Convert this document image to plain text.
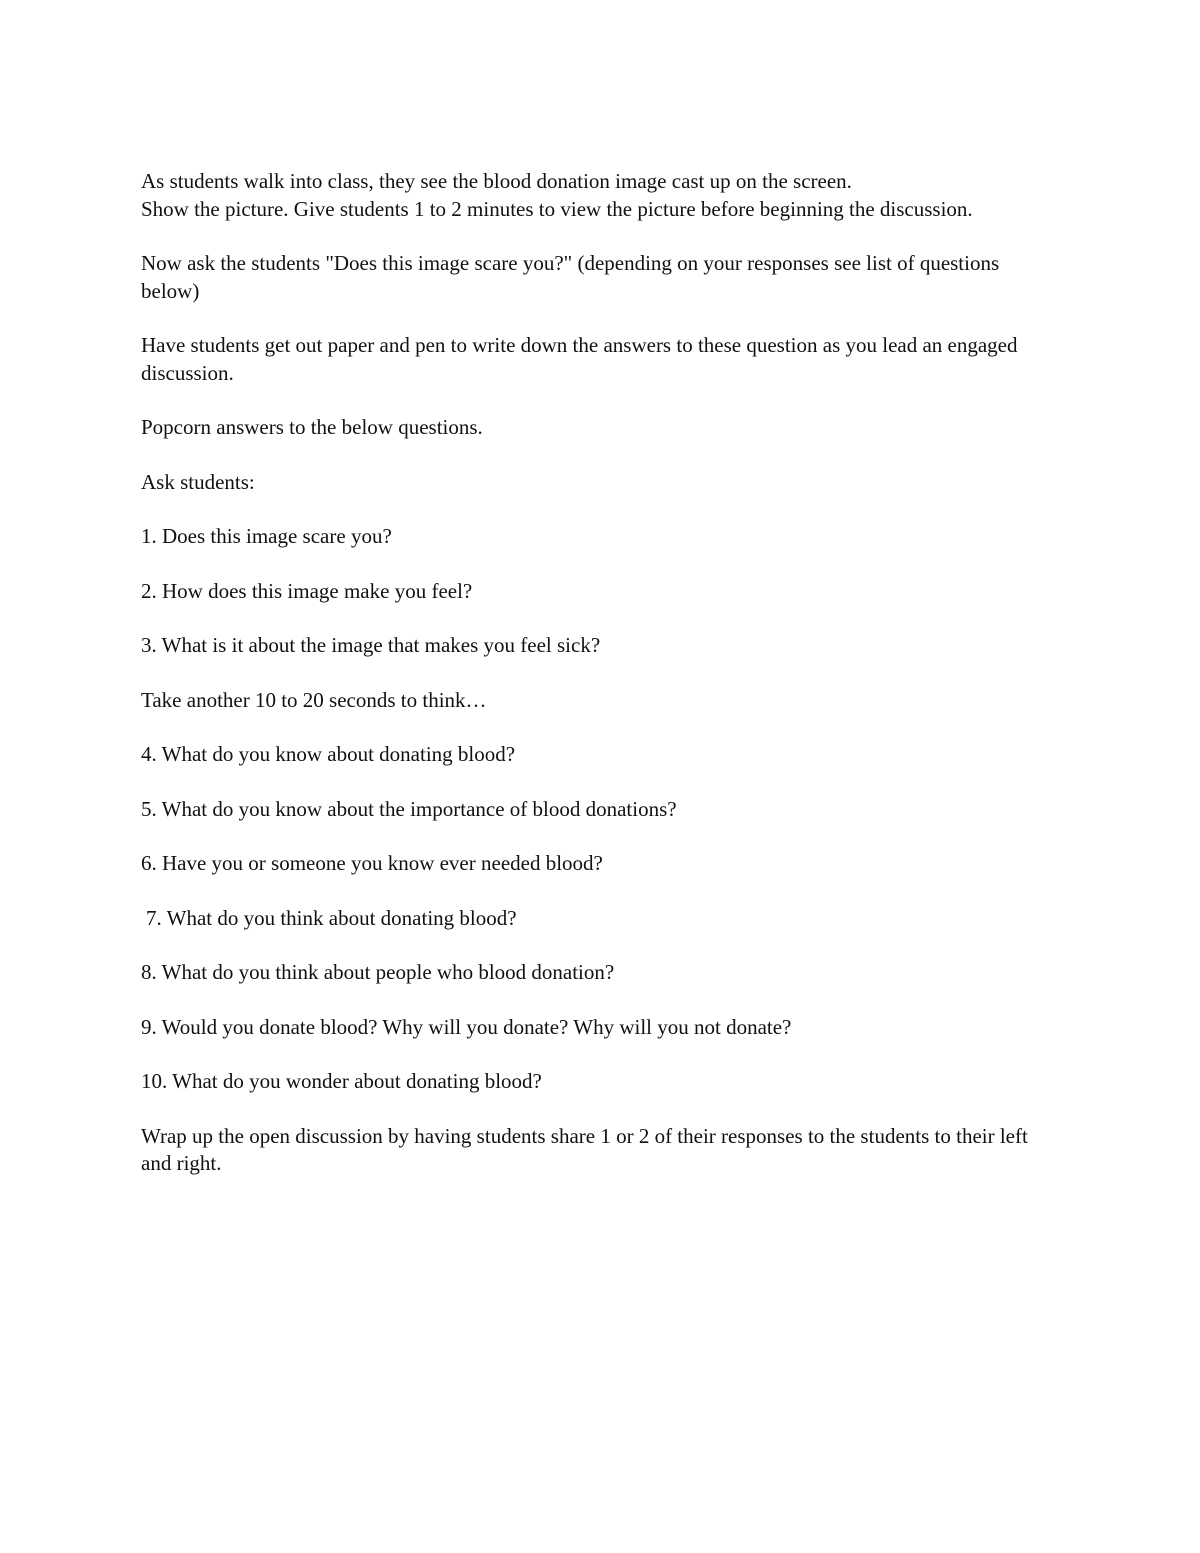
As students walk into class, they see the blood donation image cast up on the screen.

Show the picture. Give students 1 to 2 minutes to view the picture before beginning the discussion.

Now ask the students "Does this image scare you?" (depending on your responses see list of questions below)

Have students get out paper and pen to write down the answers to these question as you lead an engaged discussion.

Popcorn answers to the below questions.

Ask students:

1. Does this image scare you?

2. How does this image make you feel?

3. What is it about the image that makes you feel sick?

Take another 10 to 20 seconds to think…

4. What do you know about donating blood?

5. What do you know about the importance of blood donations?

6. Have you or someone you know ever needed blood?

7. What do you think about donating blood?

8. What do you think about people who blood donation?

9. Would you donate blood? Why will you donate? Why will you not donate?

10. What do you wonder about donating blood?

Wrap up the open discussion by having students share 1 or 2 of their responses to the students to their left and right.
